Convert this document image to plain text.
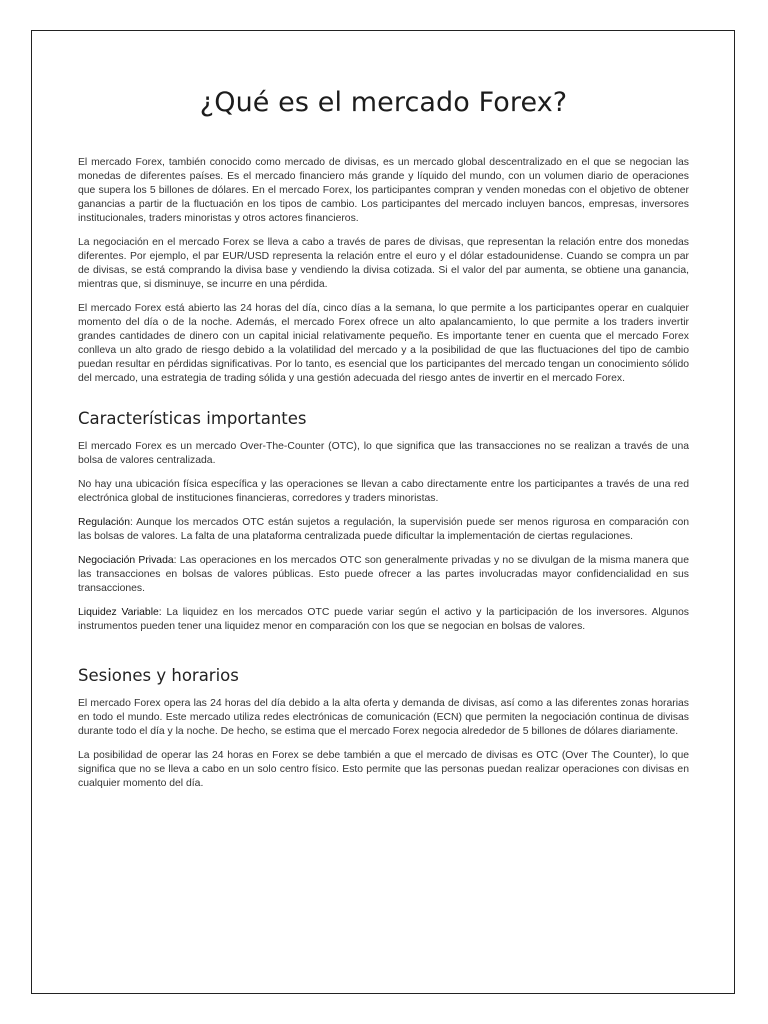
¿Qué es el mercado Forex?

El mercado Forex, también conocido como mercado de divisas, es un mercado global descentralizado en el que se negocian las monedas de diferentes países. Es el mercado financiero más grande y líquido del mundo, con un volumen diario de operaciones que supera los 5 billones de dólares. En el mercado Forex, los participantes compran y venden monedas con el objetivo de obtener ganancias a partir de la fluctuación en los tipos de cambio. Los participantes del mercado incluyen bancos, empresas, inversores institucionales, traders minoristas y otros actores financieros.

La negociación en el mercado Forex se lleva a cabo a través de pares de divisas, que representan la relación entre dos monedas diferentes. Por ejemplo, el par EUR/USD representa la relación entre el euro y el dólar estadounidense. Cuando se compra un par de divisas, se está comprando la divisa base y vendiendo la divisa cotizada. Si el valor del par aumenta, se obtiene una ganancia, mientras que, si disminuye, se incurre en una pérdida.

El mercado Forex está abierto las 24 horas del día, cinco días a la semana, lo que permite a los participantes operar en cualquier momento del día o de la noche. Además, el mercado Forex ofrece un alto apalancamiento, lo que permite a los traders invertir grandes cantidades de dinero con un capital inicial relativamente pequeño. Es importante tener en cuenta que el mercado Forex conlleva un alto grado de riesgo debido a la volatilidad del mercado y a la posibilidad de que las fluctuaciones del tipo de cambio puedan resultar en pérdidas significativas. Por lo tanto, es esencial que los participantes del mercado tengan un conocimiento sólido del mercado, una estrategia de trading sólida y una gestión adecuada del riesgo antes de invertir en el mercado Forex.

Características importantes

El mercado Forex es un mercado Over-The-Counter (OTC), lo que significa que las transacciones no se realizan a través de una bolsa de valores centralizada.

No hay una ubicación física específica y las operaciones se llevan a cabo directamente entre los participantes a través de una red electrónica global de instituciones financieras, corredores y traders minoristas.

Regulación: Aunque los mercados OTC están sujetos a regulación, la supervisión puede ser menos rigurosa en comparación con las bolsas de valores. La falta de una plataforma centralizada puede dificultar la implementación de ciertas regulaciones.

Negociación Privada: Las operaciones en los mercados OTC son generalmente privadas y no se divulgan de la misma manera que las transacciones en bolsas de valores públicas. Esto puede ofrecer a las partes involucradas mayor confidencialidad en sus transacciones.

Liquidez Variable: La liquidez en los mercados OTC puede variar según el activo y la participación de los inversores. Algunos instrumentos pueden tener una liquidez menor en comparación con los que se negocian en bolsas de valores.

Sesiones y horarios

El mercado Forex opera las 24 horas del día debido a la alta oferta y demanda de divisas, así como a las diferentes zonas horarias en todo el mundo. Este mercado utiliza redes electrónicas de comunicación (ECN) que permiten la negociación continua de divisas durante todo el día y la noche. De hecho, se estima que el mercado Forex negocia alrededor de 5 billones de dólares diariamente.

La posibilidad de operar las 24 horas en Forex se debe también a que el mercado de divisas es OTC (Over The Counter), lo que significa que no se lleva a cabo en un solo centro físico. Esto permite que las personas puedan realizar operaciones con divisas en cualquier momento del día.
